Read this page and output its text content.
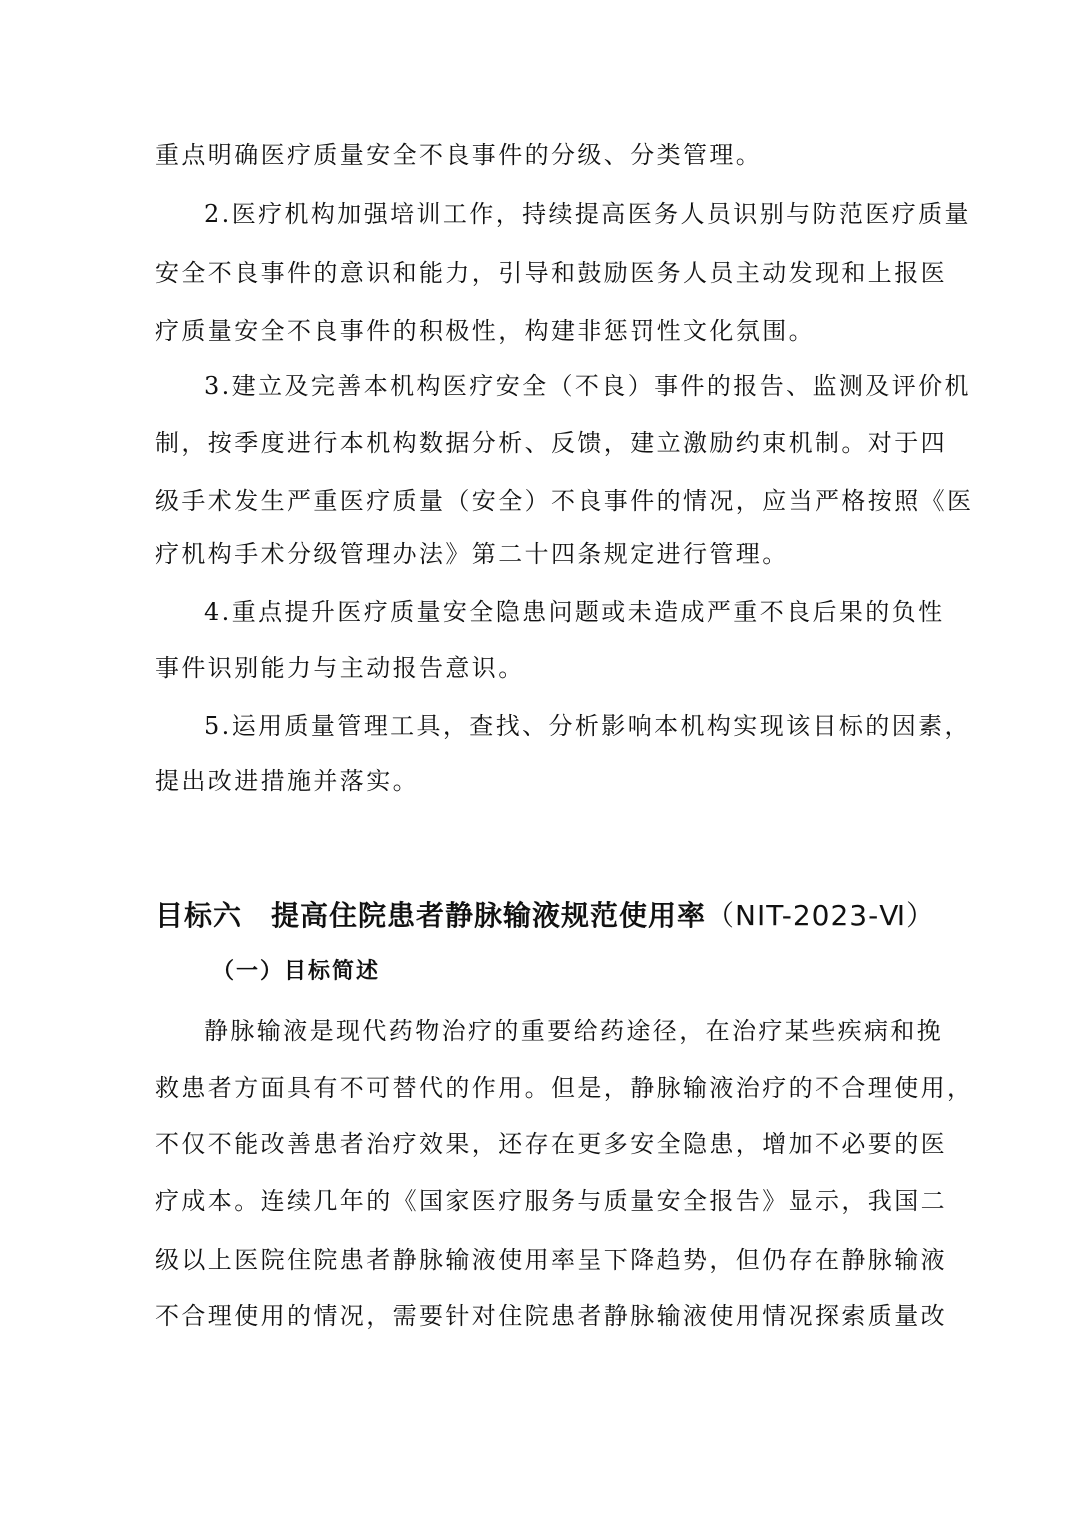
重点明确医疗质量安全不良事件的分级、分类管理。
2.医疗机构加强培训工作，持续提高医务人员识别与防范医疗质量
安全不良事件的意识和能力，引导和鼓励医务人员主动发现和上报医
疗质量安全不良事件的积极性，构建非惩罚性文化氛围。
3.建立及完善本机构医疗安全（不良）事件的报告、监测及评价机
制，按季度进行本机构数据分析、反馈，建立激励约束机制。对于四
级手术发生严重医疗质量（安全）不良事件的情况，应当严格按照《医
疗机构手术分级管理办法》第二十四条规定进行管理。
4.重点提升医疗质量安全隐患问题或未造成严重不良后果的负性
事件识别能力与主动报告意识。
5.运用质量管理工具，查找、分析影响本机构实现该目标的因素，
提出改进措施并落实。
目标六　提高住院患者静脉输液规范使用率（NIT-2023-Ⅵ）
（一）目标简述
静脉输液是现代药物治疗的重要给药途径，在治疗某些疾病和挽
救患者方面具有不可替代的作用。但是，静脉输液治疗的不合理使用，
不仅不能改善患者治疗效果，还存在更多安全隐患，增加不必要的医
疗成本。连续几年的《国家医疗服务与质量安全报告》显示，我国二
级以上医院住院患者静脉输液使用率呈下降趋势，但仍存在静脉输液
不合理使用的情况，需要针对住院患者静脉输液使用情况探索质量改
